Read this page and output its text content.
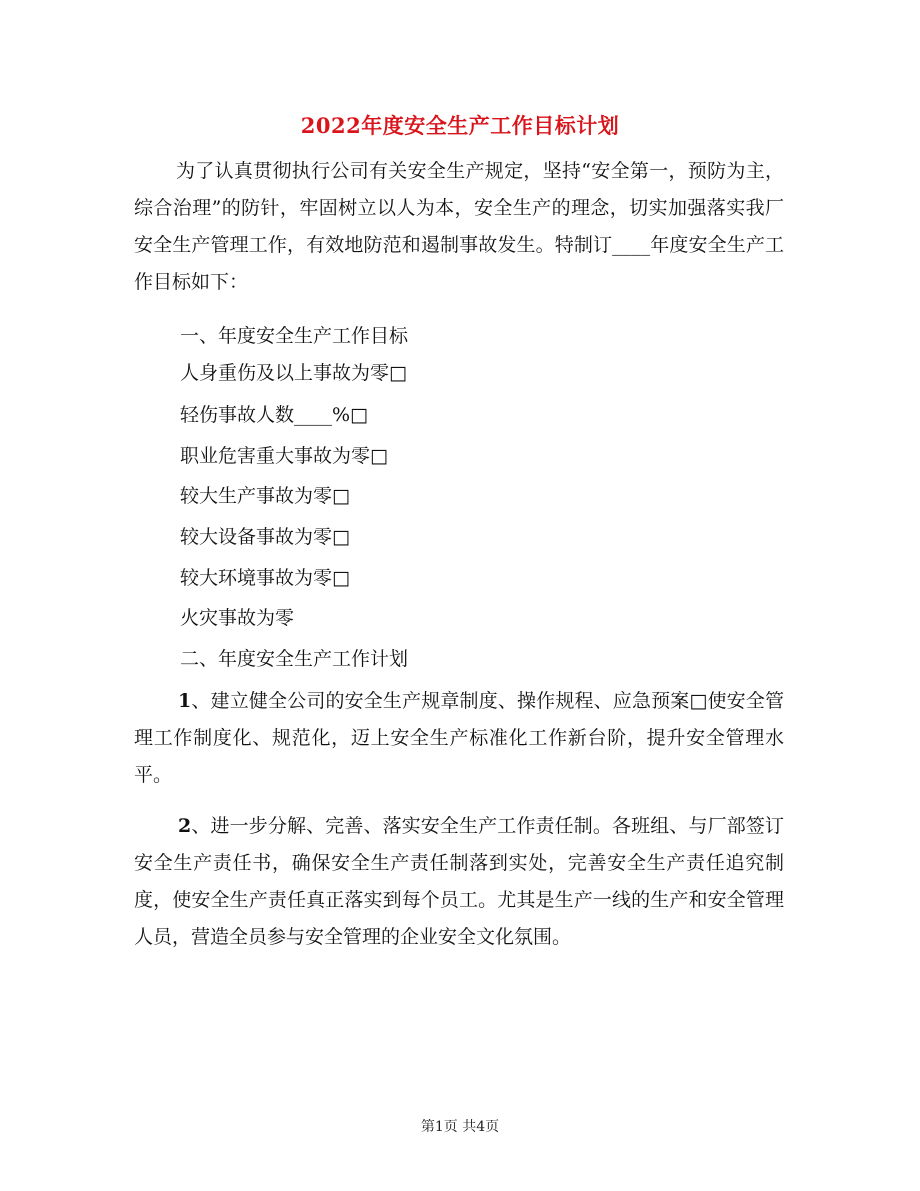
2022年度安全生产工作目标计划
为了认真贯彻执行公司有关安全生产规定，坚持“安全第一，预防为主，综合治理”的防针，牢固树立以人为本，安全生产的理念，切实加强落实我厂安全生产管理工作，有效地防范和遏制事故发生。特制订____年度安全生产工作目标如下：
一、年度安全生产工作目标
人身重伤及以上事故为零□
轻伤事故人数____%□
职业危害重大事故为零□
较大生产事故为零□
较大设备事故为零□
较大环境事故为零□
火灾事故为零
二、年度安全生产工作计划
1、建立健全公司的安全生产规章制度、操作规程、应急预案□使安全管理工作制度化、规范化，迈上安全生产标准化工作新台阶，提升安全管理水平。
2、进一步分解、完善、落实安全生产工作责任制。各班组、与厂部签订安全生产责任书，确保安全生产责任制落到实处，完善安全生产责任追究制度，使安全生产责任真正落实到每个员工。尤其是生产一线的生产和安全管理人员，营造全员参与安全管理的企业安全文化氛围。
第1页 共4页
